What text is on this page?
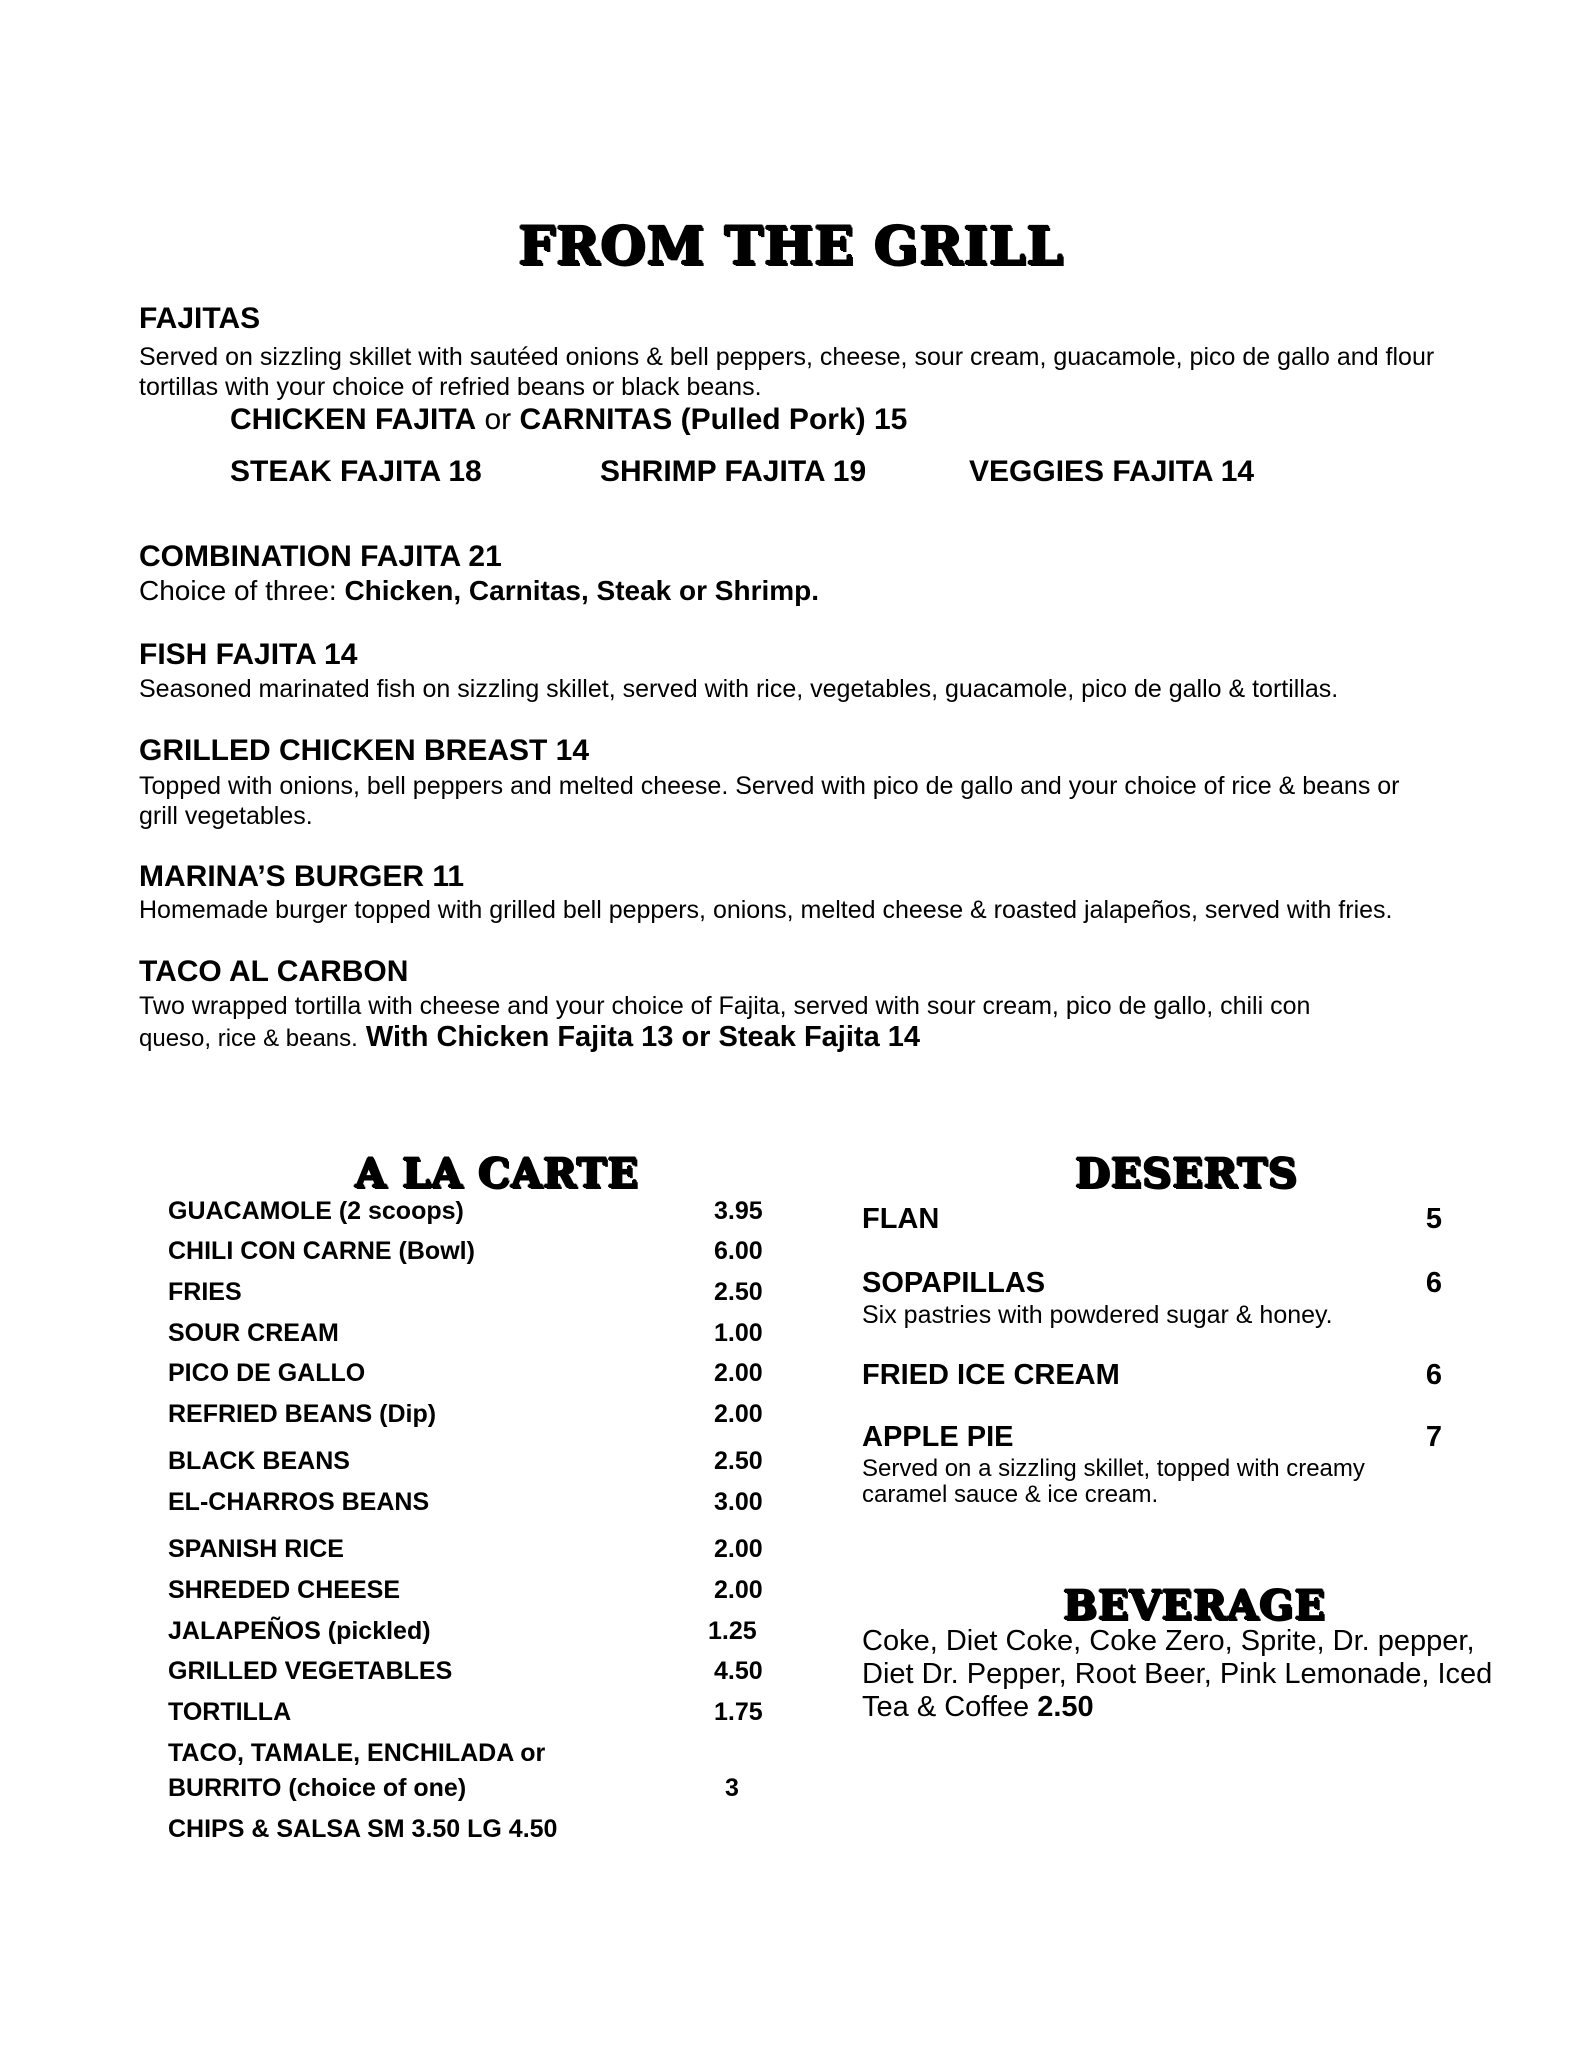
FROM THE GRILL
FAJITAS
Served on sizzling skillet with sautéed onions & bell peppers, cheese, sour cream, guacamole, pico de gallo and flour tortillas with your choice of refried beans or black beans.
CHICKEN FAJITA or CARNITAS (Pulled Pork) 15
STEAK FAJITA 18	SHRIMP FAJITA 19	VEGGIES FAJITA 14
COMBINATION FAJITA 21
Choice of three: Chicken, Carnitas, Steak or Shrimp.
FISH FAJITA 14
Seasoned marinated fish on sizzling skillet, served with rice, vegetables, guacamole, pico de gallo & tortillas.
GRILLED CHICKEN BREAST 14
Topped with onions, bell peppers and melted cheese. Served with pico de gallo and your choice of rice & beans or grill vegetables.
MARINA’S BURGER 11
Homemade burger topped with grilled bell peppers, onions, melted cheese & roasted jalapeños, served with fries.
TACO AL CARBON
Two wrapped tortilla with cheese and your choice of Fajita, served with sour cream, pico de gallo, chili con
queso, rice & beans. With Chicken Fajita 13 or Steak Fajita 14
A LA CARTE
GUACAMOLE (2 scoops)	3.95
CHILI CON CARNE (Bowl)	6.00
FRIES	2.50
SOUR CREAM	1.00
PICO DE GALLO	2.00
REFRIED BEANS (Dip)	2.00
BLACK BEANS	2.50
EL-CHARROS BEANS	3.00
SPANISH RICE	2.00
SHREDED CHEESE	2.00
JALAPEÑOS (pickled)	1.25
GRILLED VEGETABLES	4.50
TORTILLA	1.75
TACO, TAMALE, ENCHILADA or
BURRITO (choice of one)	3
CHIPS & SALSA SM 3.50 LG 4.50
DESERTS
FLAN	5
SOPAPILLAS	6
Six pastries with powdered sugar & honey.
FRIED ICE CREAM	6
APPLE PIE	7
Served on a sizzling skillet, topped with creamy caramel sauce & ice cream.
BEVERAGE
Coke, Diet Coke, Coke Zero, Sprite, Dr. pepper, Diet Dr. Pepper, Root Beer, Pink Lemonade, Iced Tea & Coffee 2.50
